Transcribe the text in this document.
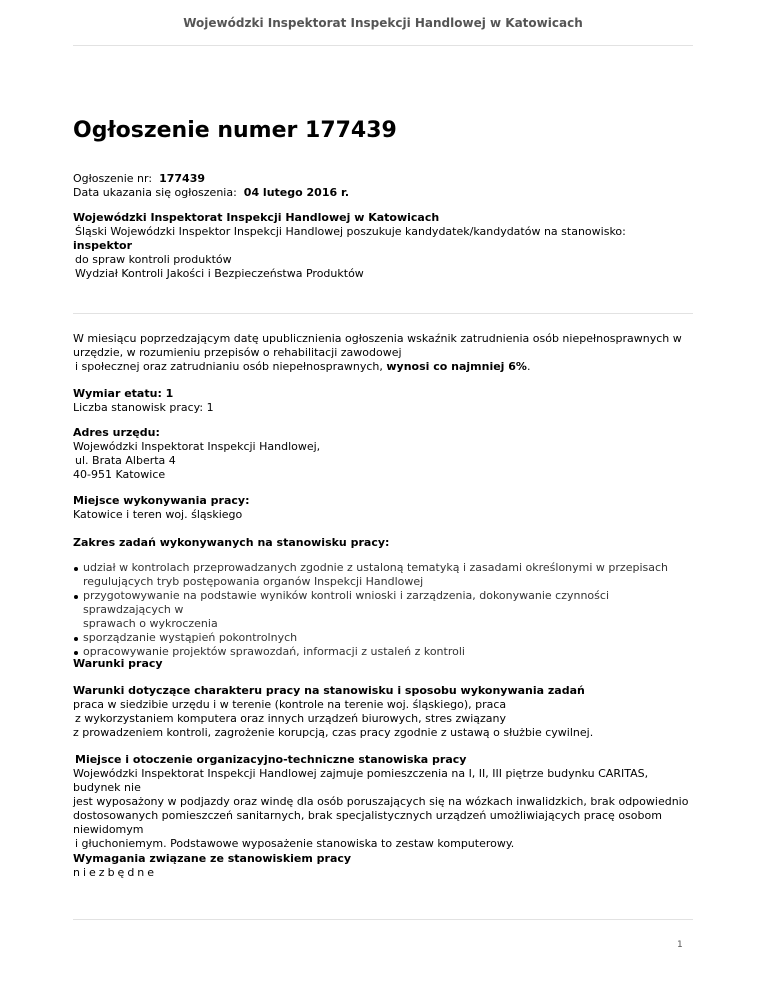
Wojewódzki Inspektorat Inspekcji Handlowej w Katowicach
Ogłoszenie numer 177439

Ogłoszenie nr: 177439

Data ukazania się ogłoszenia: 04 lutego 2016 r.

Wojewódzki Inspektorat Inspekcji Handlowej w Katowicach

Śląski Wojewódzki Inspektor Inspekcji Handlowej poszukuje kandydatek/kandydatów na stanowisko:

inspektor

do spraw kontroli produktów

Wydział Kontroli Jakości i Bezpieczeństwa Produktów

W miesiącu poprzedzającym datę upublicznienia ogłoszenia wskaźnik zatrudnienia osób niepełnosprawnych w

urzędzie, w rozumieniu przepisów o rehabilitacji zawodowej

i społecznej oraz zatrudnianiu osób niepełnosprawnych, wynosi co najmniej 6%.

Wymiar etatu: 1

Liczba stanowisk pracy: 1

Adres urzędu:

Wojewódzki Inspektorat Inspekcji Handlowej,

ul. Brata Alberta 4

40-951 Katowice

Miejsce wykonywania pracy:

Katowice i teren woj. śląskiego

Zakres zadań wykonywanych na stanowisku pracy:

udział w kontrolach przeprowadzanych zgodnie z ustaloną tematyką i zasadami określonymi w przepisach
regulujących tryb postępowania organów Inspekcji Handlowej
przygotowywanie na podstawie wyników kontroli wnioski i zarządzenia, dokonywanie czynności sprawdzających w
sprawach o wykroczenia
sporządzanie wystąpień pokontrolnych
opracowywanie projektów sprawozdań, informacji z ustaleń z kontroli

Warunki pracy

Warunki dotyczące charakteru pracy na stanowisku i sposobu wykonywania zadań

praca w siedzibie urzędu i w terenie (kontrole na terenie woj. śląskiego), praca

z wykorzystaniem komputera oraz innych urządzeń biurowych, stres związany

z prowadzeniem kontroli, zagrożenie korupcją, czas pracy zgodnie z ustawą o służbie cywilnej.

Miejsce i otoczenie organizacyjno-techniczne stanowiska pracy

Wojewódzki Inspektorat Inspekcji Handlowej zajmuje pomieszczenia na I, II, III piętrze budynku CARITAS, budynek nie

jest wyposażony w podjazdy oraz windę dla osób poruszających się na wózkach inwalidzkich, brak odpowiednio

dostosowanych pomieszczeń sanitarnych, brak specjalistycznych urządzeń umożliwiających pracę osobom

niewidomym

i głuchoniemym. Podstawowe wyposażenie stanowiska to zestaw komputerowy.

Wymagania związane ze stanowiskiem pracy

niezbędne

1
